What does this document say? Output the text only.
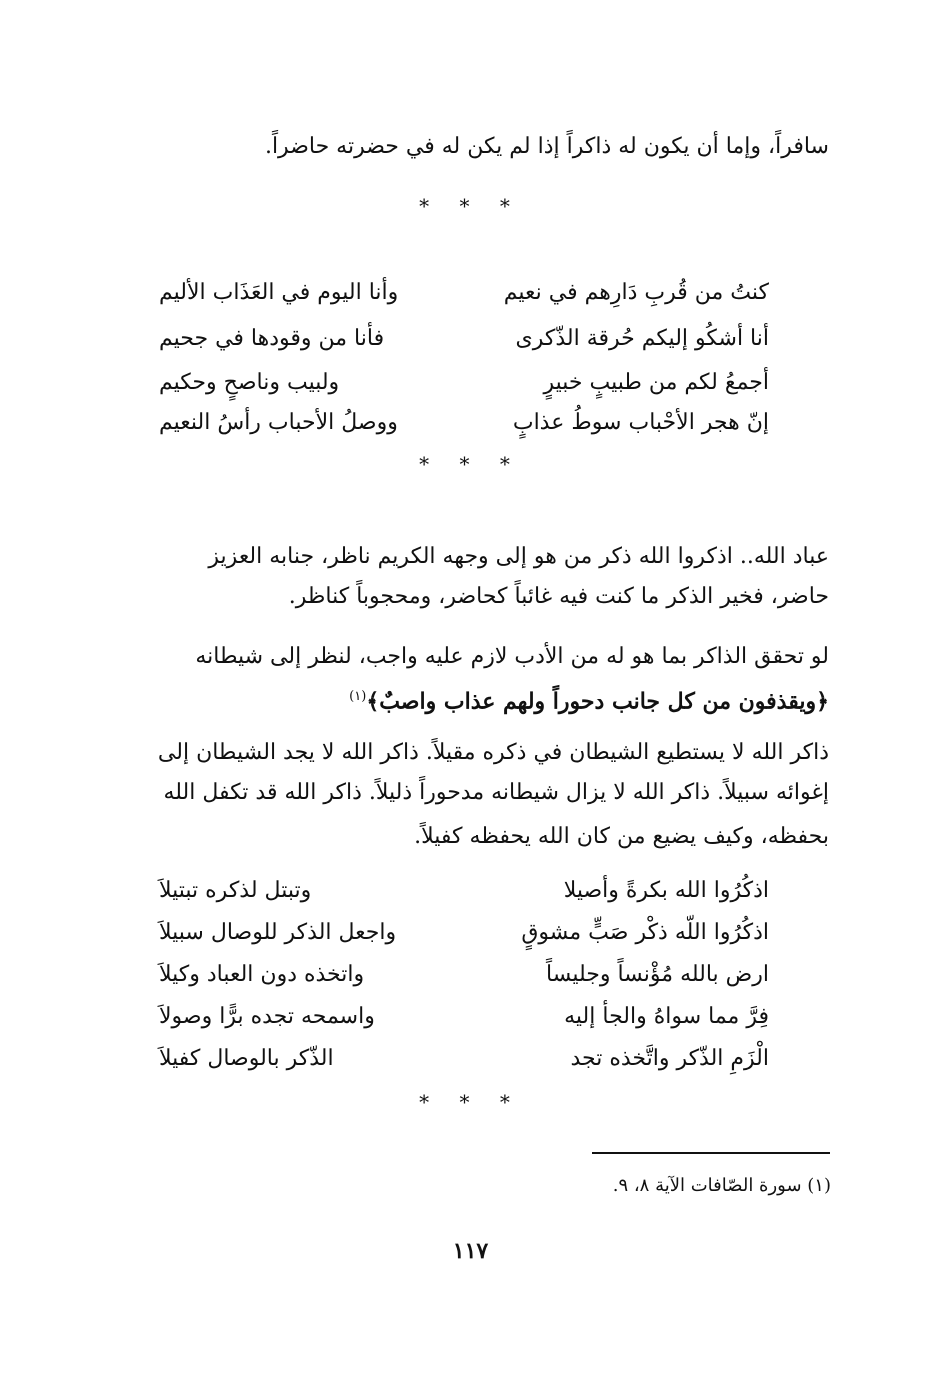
سافراً، وإما أن يكون له ذاكراً إذا لم يكن له في حضرته حاضراً.
* * *
كنتُ من قُربِ دَارِهم في نعيم
وأنا اليوم في العَذَاب الأليم
أنا أشكُو إليكم حُرقة الذّكرى
فأنا من وقودها في جحيم
أجمعُ لكم من طبيبٍ خبيرٍ
ولبيب وناصحٍ وحكيم
إنّ هجر الأحْباب سوطُ عذابٍ
ووصلُ الأحباب رأسُ النعيم
* * *
عباد الله.. اذكروا الله ذكر من هو إلى وجهه الكريم ناظر، جنابه العزيز
حاضر، فخير الذكر ما كنت فيه غائباً كحاضر، ومحجوباً كناظر.
لو تحقق الذاكر بما هو له من الأدب لازم عليه واجب، لنظر إلى شيطانه
﴿ويقذفون من كل جانب دحوراً ولهم عذاب واصبٌ﴾$^{(١)}$
ذاكر الله لا يستطيع الشيطان في ذكره مقيلاً. ذاكر الله لا يجد الشيطان إلى
إغوائه سبيلاً. ذاكر الله لا يزال شيطانه مدحوراً ذليلاً. ذاكر الله قد تكفل الله
بحفظه، وكيف يضيع من كان الله يحفظه كفيلاً.
اذكُرُوا الله بكرةً وأصيلا
وتبتل لذكره تبتيلاَ
اذكُرُوا اللّه ذكْر صَبٍّ مشوقٍ
واجعل الذكر للوصال سبيلاَ
ارض بالله مُؤْنساً وجليساً
واتخذه دون العباد وكيلاَ
فِرَّ مما سواهُ والجأ إليه
واسمحه تجده برًّا وصولاَ
الْزَمِ الذّكر واتَّخذه تجد
الذّكر بالوصال كفيلاَ
* * *
(١) سورة الصّافات الآية ٨، ٩.
١١٧
